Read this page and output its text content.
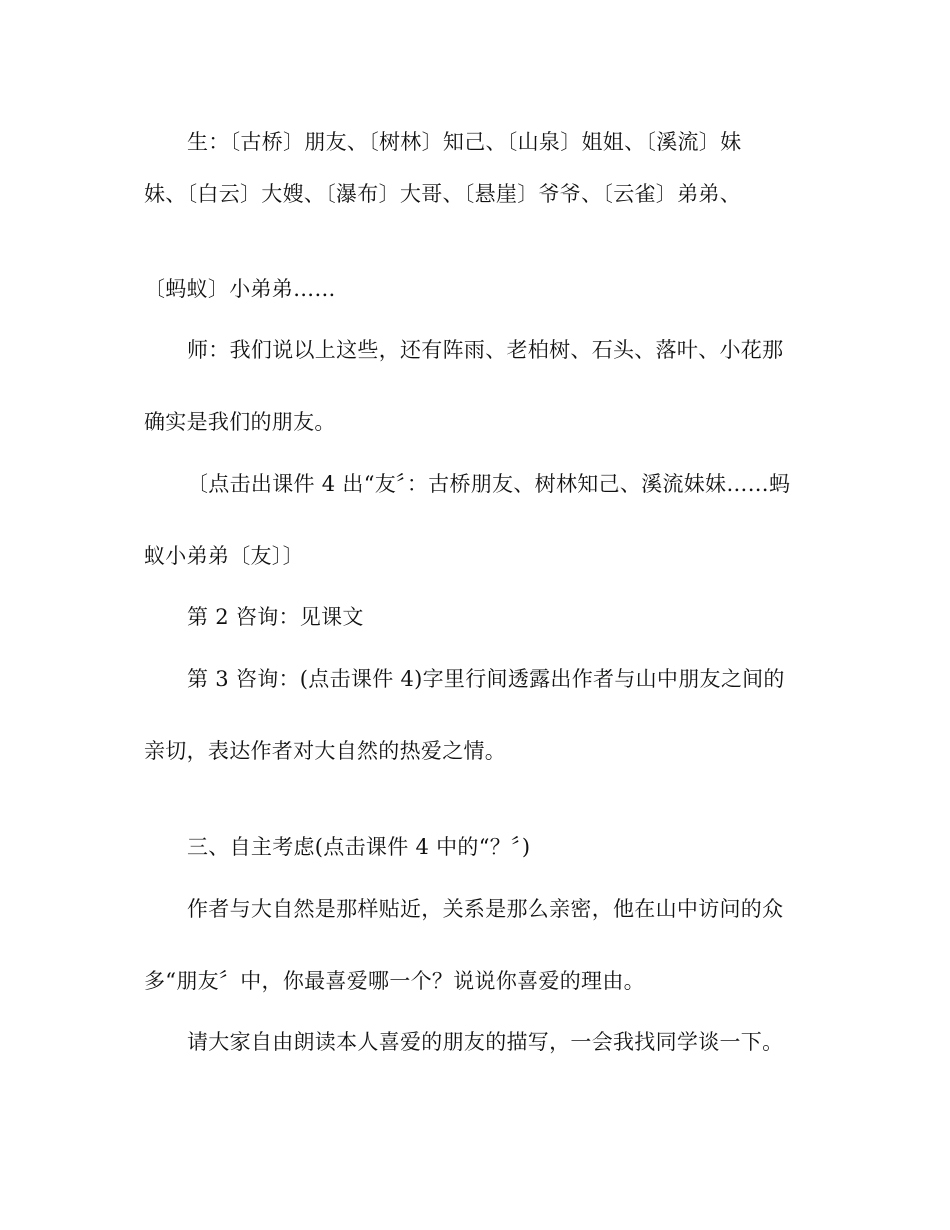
生：〔古桥〕朋友、〔树林〕知己、〔山泉〕姐姐、〔溪流〕妹
妹、〔白云〕大嫂、〔瀑布〕大哥、〔悬崖〕爷爷、〔云雀〕弟弟、
〔蚂蚁〕小弟弟……
师：我们说以上这些，还有阵雨、老柏树、石头、落叶、小花那
确实是我们的朋友。
〔点击出课件 4 出“友〞：古桥朋友、树林知己、溪流妹妹……蚂
蚁小弟弟〔友〕〕
第 2 咨询：见课文
第 3 咨询：(点击课件 4)字里行间透露出作者与山中朋友之间的
亲切，表达作者对大自然的热爱之情。
三、自主考虑(点击课件 4 中的“？〞)
作者与大自然是那样贴近，关系是那么亲密，他在山中访问的众
多“朋友〞中，你最喜爱哪一个？说说你喜爱的理由。
请大家自由朗读本人喜爱的朋友的描写，一会我找同学谈一下。
